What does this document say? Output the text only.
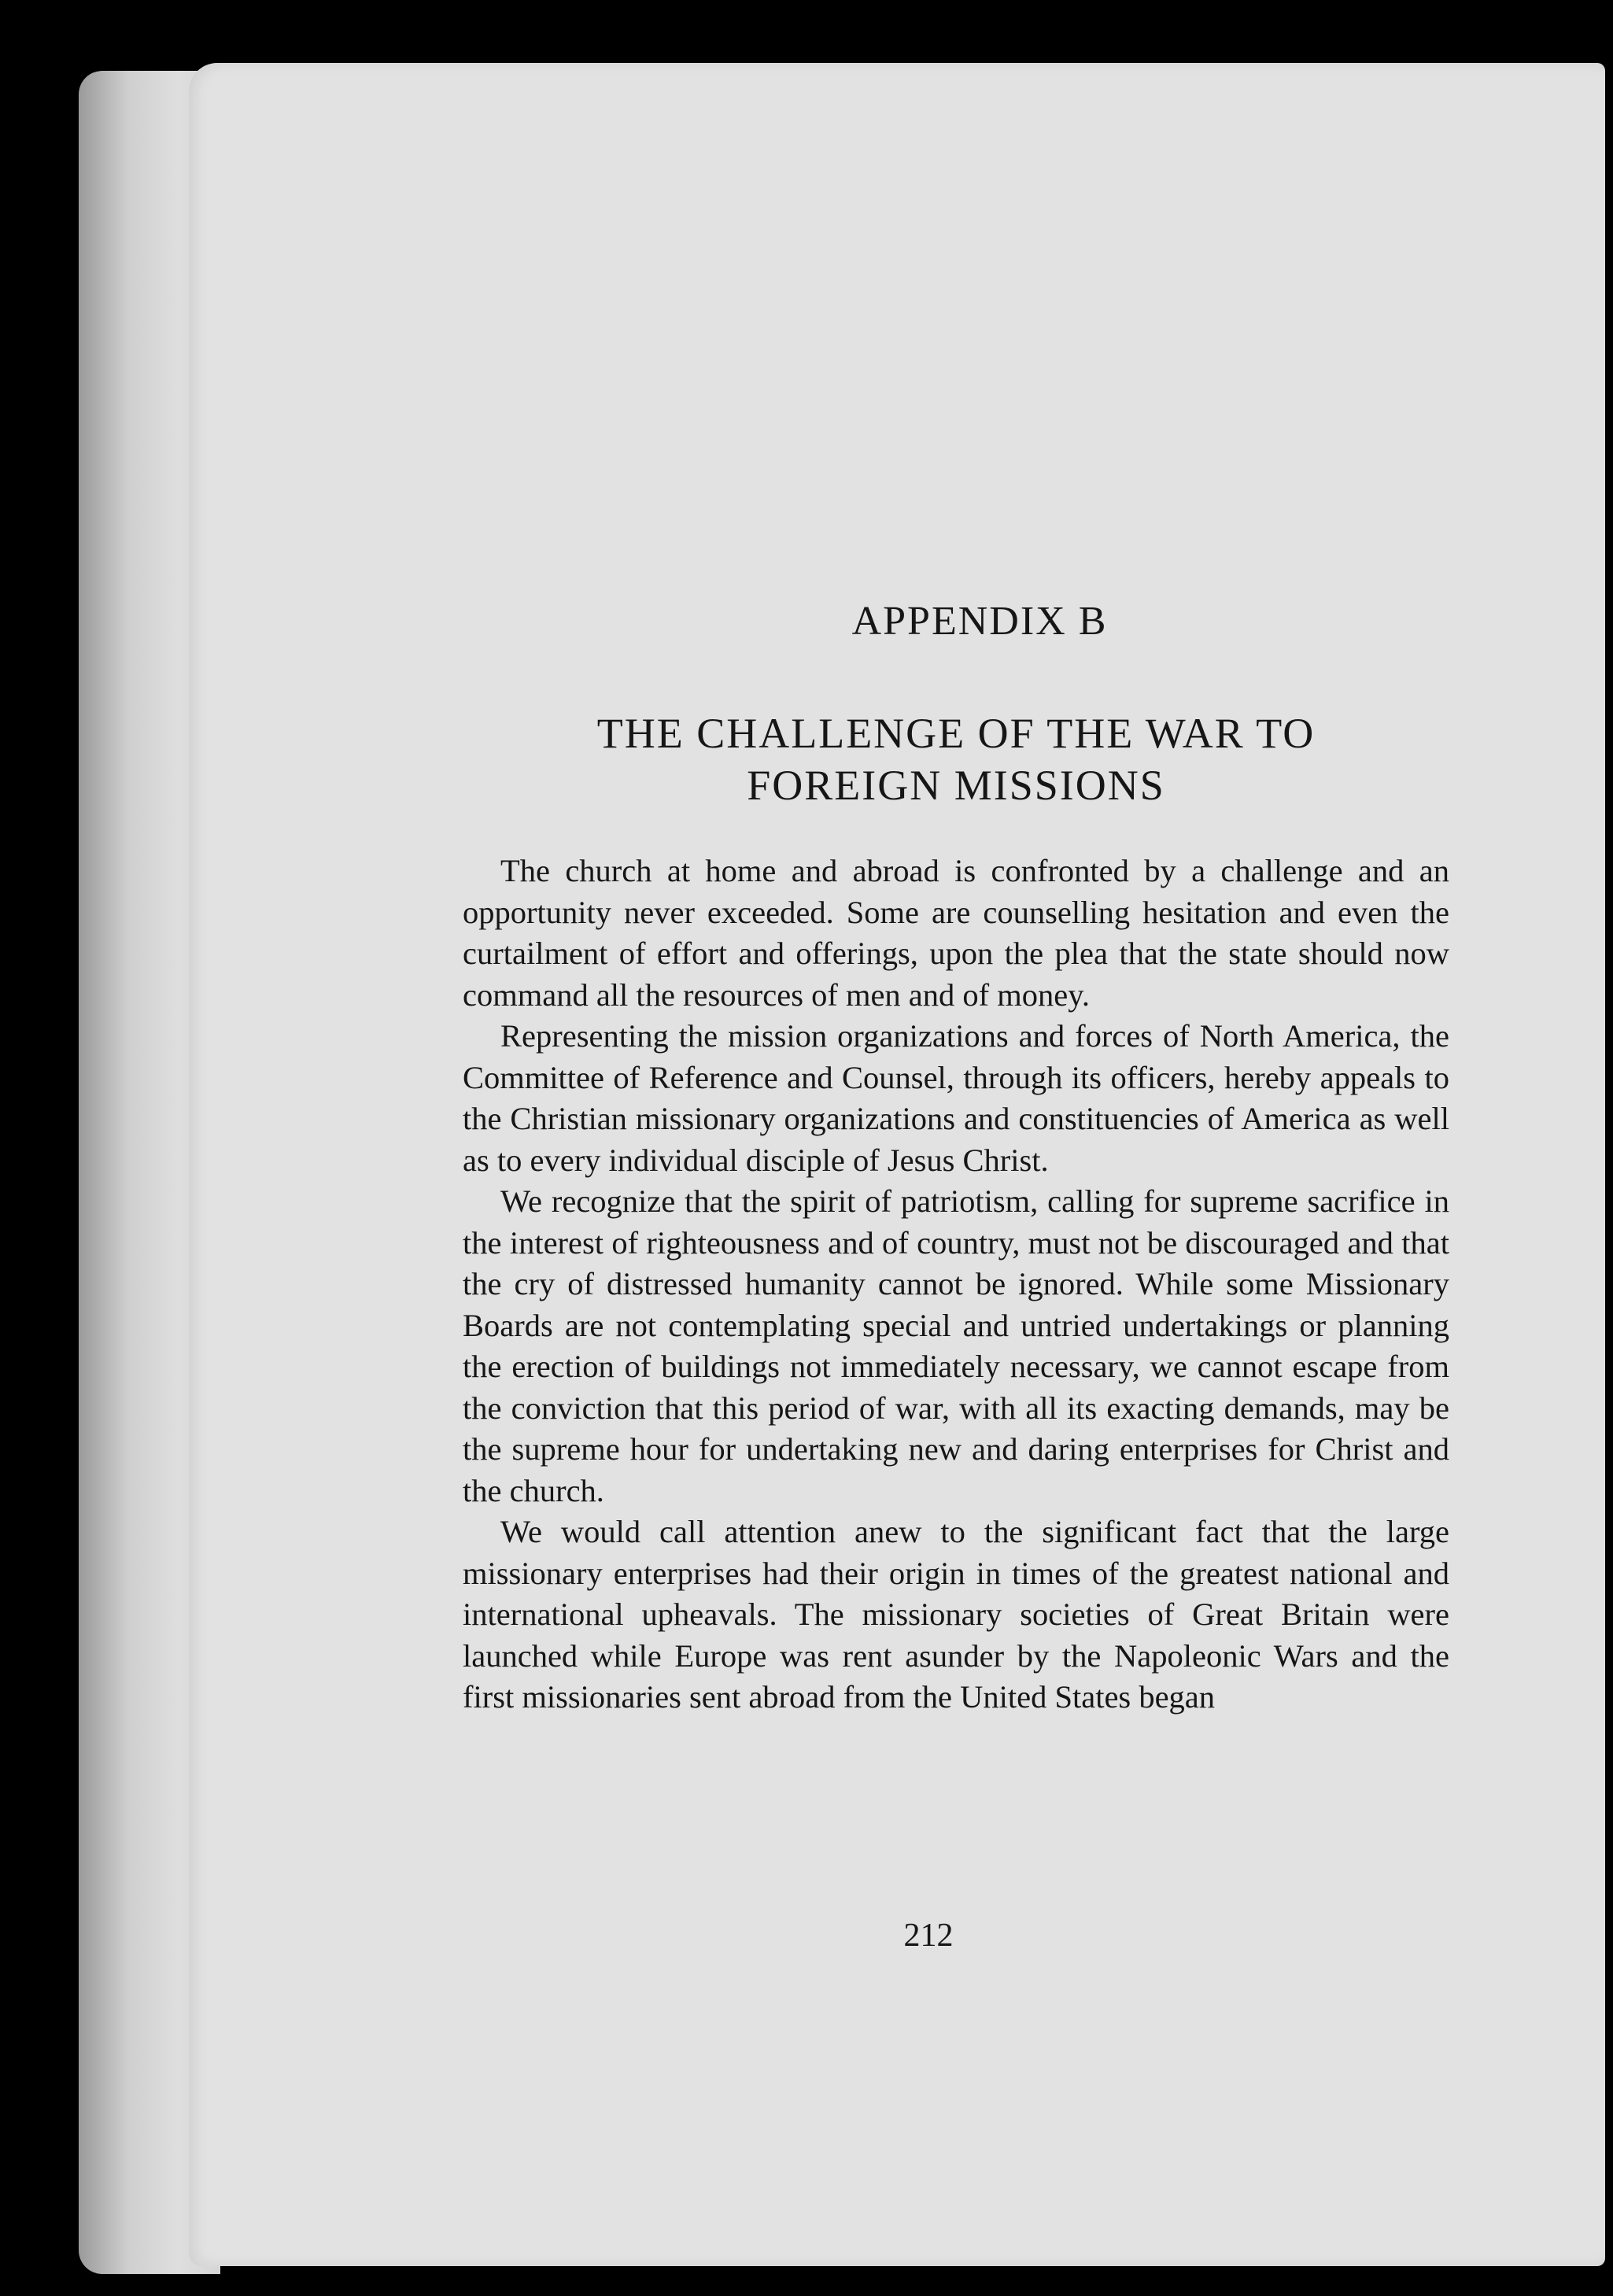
APPENDIX B
THE CHALLENGE OF THE WAR TO
FOREIGN MISSIONS

The church at home and abroad is confronted by a challenge and an opportunity never exceeded. Some are counselling hesitation and even the curtailment of effort and offerings, upon the plea that the state should now command all the resources of men and of money.

Representing the mission organizations and forces of North America, the Committee of Reference and Counsel, through its officers, hereby appeals to the Christian missionary organizations and constituencies of America as well as to every individual disciple of Jesus Christ.

We recognize that the spirit of patriotism, calling for supreme sacrifice in the interest of righteousness and of country, must not be discouraged and that the cry of distressed humanity cannot be ignored. While some Missionary Boards are not contemplating special and untried undertakings or planning the erection of buildings not immediately necessary, we cannot escape from the conviction that this period of war, with all its exacting demands, may be the supreme hour for undertaking new and daring enterprises for Christ and the church.

We would call attention anew to the significant fact that the large missionary enterprises had their origin in times of the greatest national and international upheavals. The missionary societies of Great Britain were launched while Europe was rent asunder by the Napoleonic Wars and the first missionaries sent abroad from the United States began

212
